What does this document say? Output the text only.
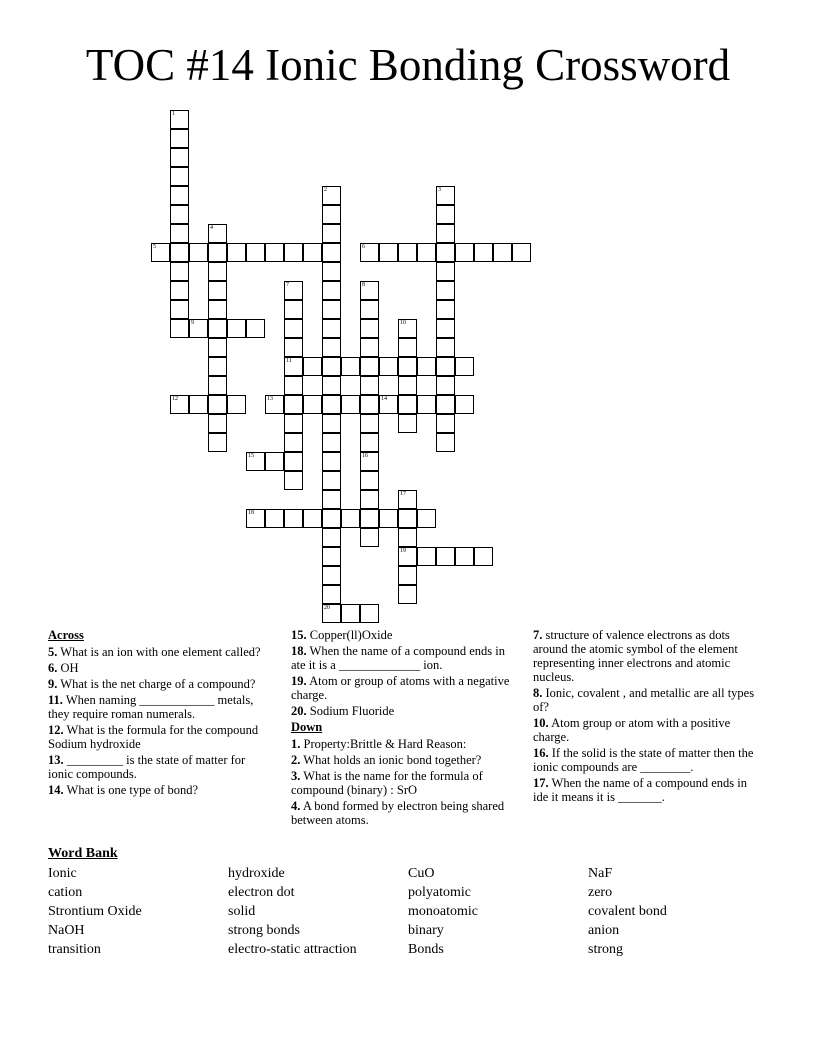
TOC #14 Ionic Bonding Crossword
1
2	3
4
5	6
7
11
8
16
9	10
12	13	14
15
17
19
18
20
Across
5. What is an ion with one element called?
6. OH
9. What is the net charge of a compound?
11. When naming ____________ metals, they require roman numerals.
12. What is the formula for the compound Sodium hydroxide
13. _________ is the state of matter for ionic compounds.
14. What is one type of bond?
15. Copper(ll)Oxide
18. When the name of a compound ends in ate it is a _____________ ion.
19. Atom or group of atoms with a negative charge.
20. Sodium Fluoride
Down
1. Property:Brittle & Hard Reason:
2. What holds an ionic bond together?
3. What is the name for the formula of compound (binary) : SrO
4. A bond formed by electron being shared between atoms.
7. structure of valence electrons as dots around the atomic symbol of the element representing inner electrons and atomic nucleus.
8. Ionic, covalent , and metallic are all types of?
10. Atom group or atom with a positive charge.
16. If the solid is the state of matter then the ionic compounds are ________.
17. When the name of a compound ends in ide it means it is _______.
Word Bank
Ionic
cation
Strontium Oxide
NaOH
transition
hydroxide
electron dot
solid
strong bonds
electro-static attraction
CuO
polyatomic
monoatomic
binary
Bonds
NaF
zero
covalent bond
anion
strong
